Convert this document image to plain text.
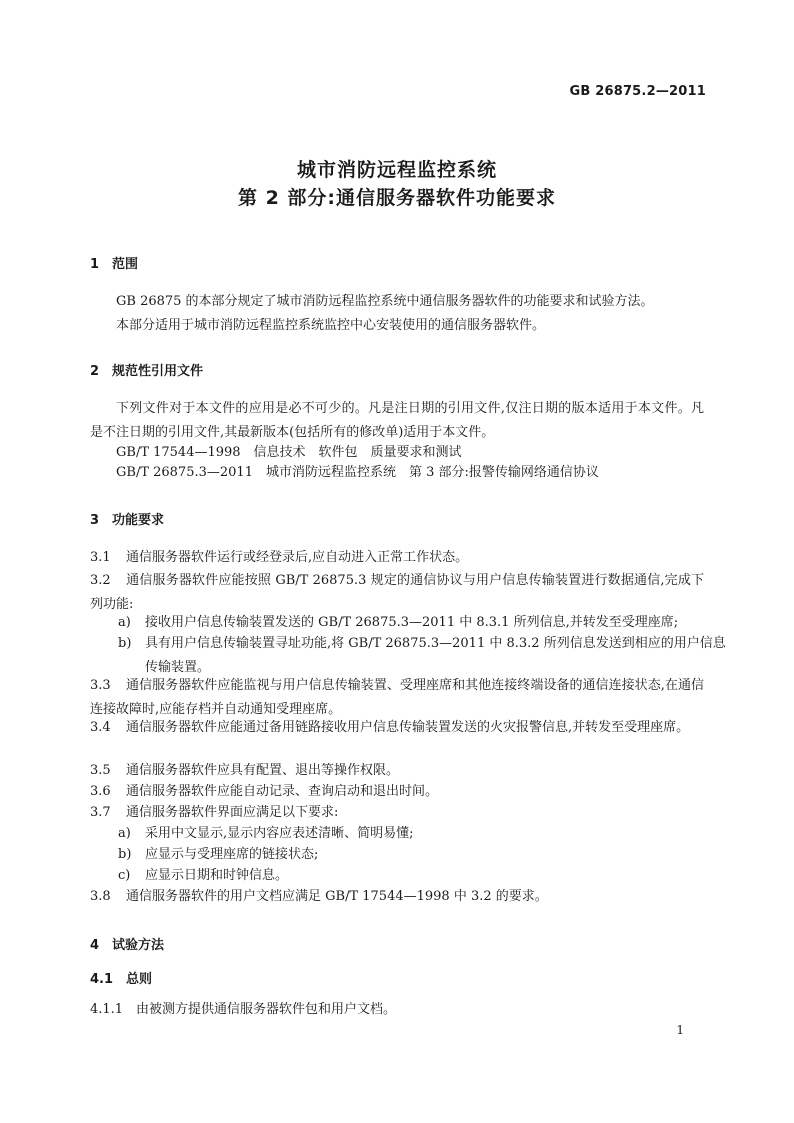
GB 26875.2—2011
城市消防远程监控系统
第 2 部分:通信服务器软件功能要求
1 范围
GB 26875 的本部分规定了城市消防远程监控系统中通信服务器软件的功能要求和试验方法。
本部分适用于城市消防远程监控系统监控中心安装使用的通信服务器软件。
2 规范性引用文件
下列文件对于本文件的应用是必不可少的。凡是注日期的引用文件,仅注日期的版本适用于本文件。凡是不注日期的引用文件,其最新版本(包括所有的修改单)适用于本文件。
GB/T 17544—1998　信息技术　软件包　质量要求和测试
GB/T 26875.3—2011　城市消防远程监控系统　第 3 部分:报警传输网络通信协议
3 功能要求
3.1 通信服务器软件运行或经登录后,应自动进入正常工作状态。
3.2 通信服务器软件应能按照 GB/T 26875.3 规定的通信协议与用户信息传输装置进行数据通信,完成下列功能:
a) 接收用户信息传输装置发送的 GB/T 26875.3—2011 中 8.3.1 所列信息,并转发至受理座席;
b) 具有用户信息传输装置寻址功能,将 GB/T 26875.3—2011 中 8.3.2 所列信息发送到相应的用户信息传输装置。
3.3 通信服务器软件应能监视与用户信息传输装置、受理座席和其他连接终端设备的通信连接状态,在通信连接故障时,应能存档并自动通知受理座席。
3.4 通信服务器软件应能通过备用链路接收用户信息传输装置发送的火灾报警信息,并转发至受理座席。
3.5 通信服务器软件应具有配置、退出等操作权限。
3.6 通信服务器软件应能自动记录、查询启动和退出时间。
3.7 通信服务器软件界面应满足以下要求:
a) 采用中文显示,显示内容应表述清晰、简明易懂;
b) 应显示与受理座席的链接状态;
c) 应显示日期和时钟信息。
3.8 通信服务器软件的用户文档应满足 GB/T 17544—1998 中 3.2 的要求。
4 试验方法
4.1 总则
4.1.1 由被测方提供通信服务器软件包和用户文档。
1
